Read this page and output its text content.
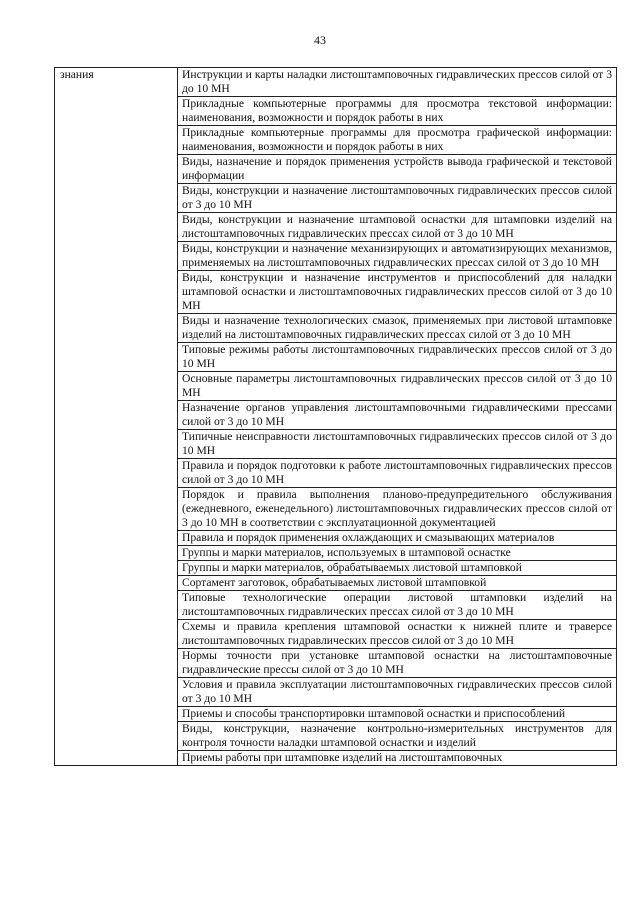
43
знания	Инструкции и карты наладки листоштамповочных гидравлических прессов силой от 3 до 10 МН
Прикладные компьютерные программы для просмотра текстовой информации: наименования, возможности и порядок работы в них
Прикладные компьютерные программы для просмотра графической информации: наименования, возможности и порядок работы в них
Виды, назначение и порядок применения устройств вывода графической и текстовой информации
Виды, конструкции и назначение листоштамповочных гидравлических прессов силой от 3 до 10 МН
Виды, конструкции и назначение штамповой оснастки для штамповки изделий на листоштамповочных гидравлических прессах силой от 3 до 10 МН
Виды, конструкции и назначение механизирующих и автоматизирующих механизмов, применяемых на листоштамповочных гидравлических прессах силой от 3 до 10 МН
Виды, конструкции и назначение инструментов и приспособлений для наладки штамповой оснастки и листоштамповочных гидравлических прессов силой от 3 до 10 МН
Виды и назначение технологических смазок, применяемых при листовой штамповке изделий на листоштамповочных гидравлических прессах силой от 3 до 10 МН
Типовые режимы работы листоштамповочных гидравлических прессов силой от 3 до 10 МН
Основные параметры листоштамповочных гидравлических прессов силой от 3 до 10 МН
Назначение органов управления листоштамповочными гидравлическими прессами силой от 3 до 10 МН
Типичные неисправности листоштамповочных гидравлических прессов силой от 3 до 10 МН
Правила и порядок подготовки к работе листоштамповочных гидравлических прессов силой от 3 до 10 МН
Порядок и правила выполнения планово-предупредительного обслуживания (ежедневного, еженедельного) листоштамповочных гидравлических прессов силой от 3 до 10 МН в соответствии с эксплуатационной документацией
Правила и порядок применения охлаждающих и смазывающих материалов
Группы и марки материалов, используемых в штамповой оснастке
Группы и марки материалов, обрабатываемых листовой штамповкой
Сортамент заготовок, обрабатываемых листовой штамповкой
Типовые технологические операции листовой штамповки изделий на листоштамповочных гидравлических прессах силой от 3 до 10 МН
Схемы и правила крепления штамповой оснастки к нижней плите и траверсе листоштамповочных гидравлических прессов силой от 3 до 10 МН
Нормы точности при установке штамповой оснастки на листоштамповочные гидравлические прессы силой от 3 до 10 МН
Условия и правила эксплуатации листоштамповочных гидравлических прессов силой от 3 до 10 МН
Приемы и способы транспортировки штамповой оснастки и приспособлений
Виды, конструкции, назначение контрольно-измерительных инструментов для контроля точности наладки штамповой оснастки и изделий
Приемы работы при штамповке изделий на листоштамповочных
